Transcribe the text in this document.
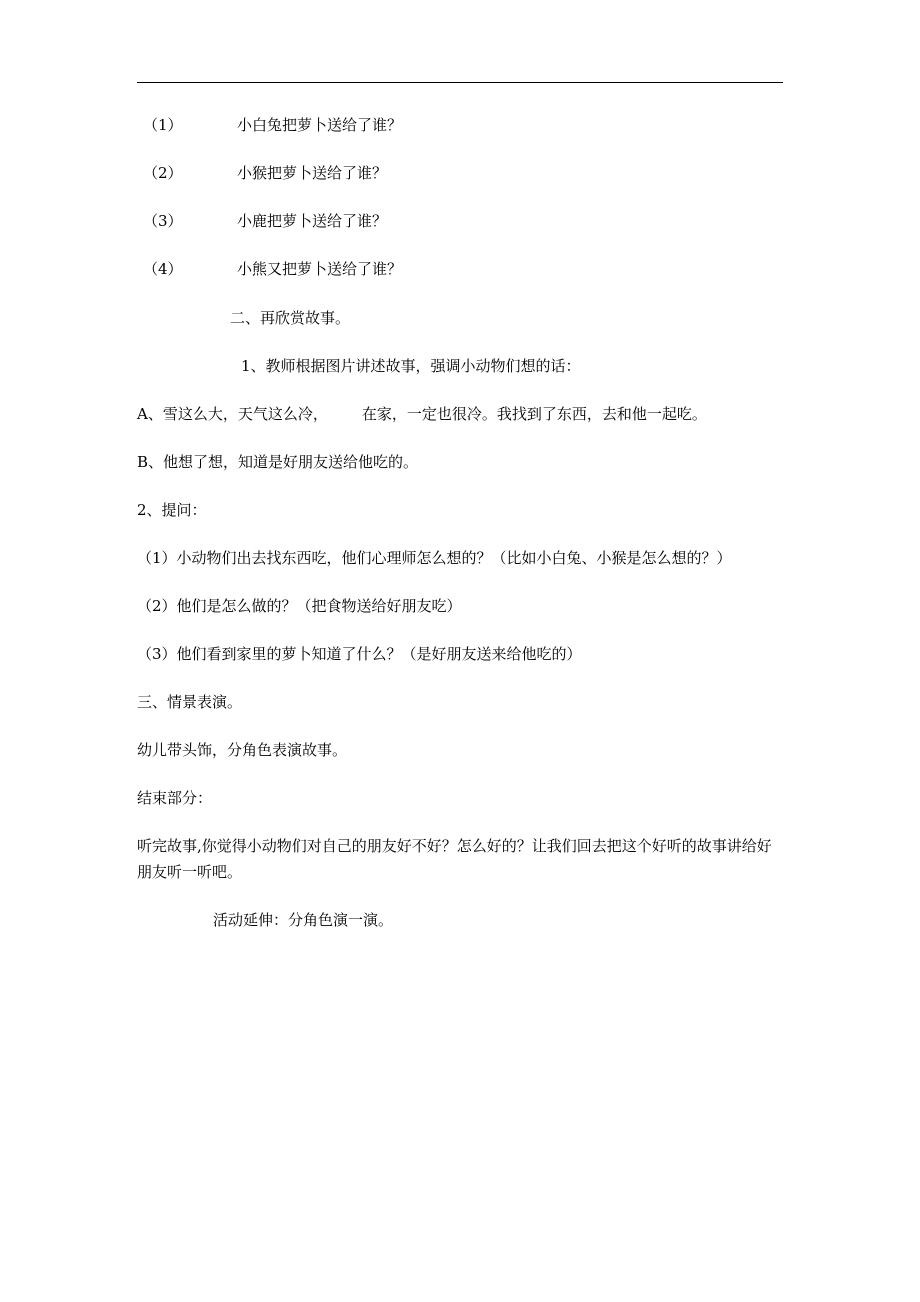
（1）	小白兔把萝卜送给了谁？
（2）	小猴把萝卜送给了谁？
（3）	小鹿把萝卜送给了谁？
（4）	小熊又把萝卜送给了谁？
二、再欣赏故事。
1、教师根据图片讲述故事，强调小动物们想的话：
A、雪这么大，天气这么冷， 在家，一定也很冷。我找到了东西，去和他一起吃。
B、他想了想，知道是好朋友送给他吃的。
2、提问：
（1）小动物们出去找东西吃，他们心理师怎么想的？（比如小白兔、小猴是怎么想的？）
（2）他们是怎么做的？（把食物送给好朋友吃）
（3）他们看到家里的萝卜知道了什么？（是好朋友送来给他吃的）
三、情景表演。
幼儿带头饰，分角色表演故事。
结束部分：
听完故事,你觉得小动物们对自己的朋友好不好？怎么好的？让我们回去把这个好听的故事讲给好朋友听一听吧。
活动延伸：分角色演一演。
